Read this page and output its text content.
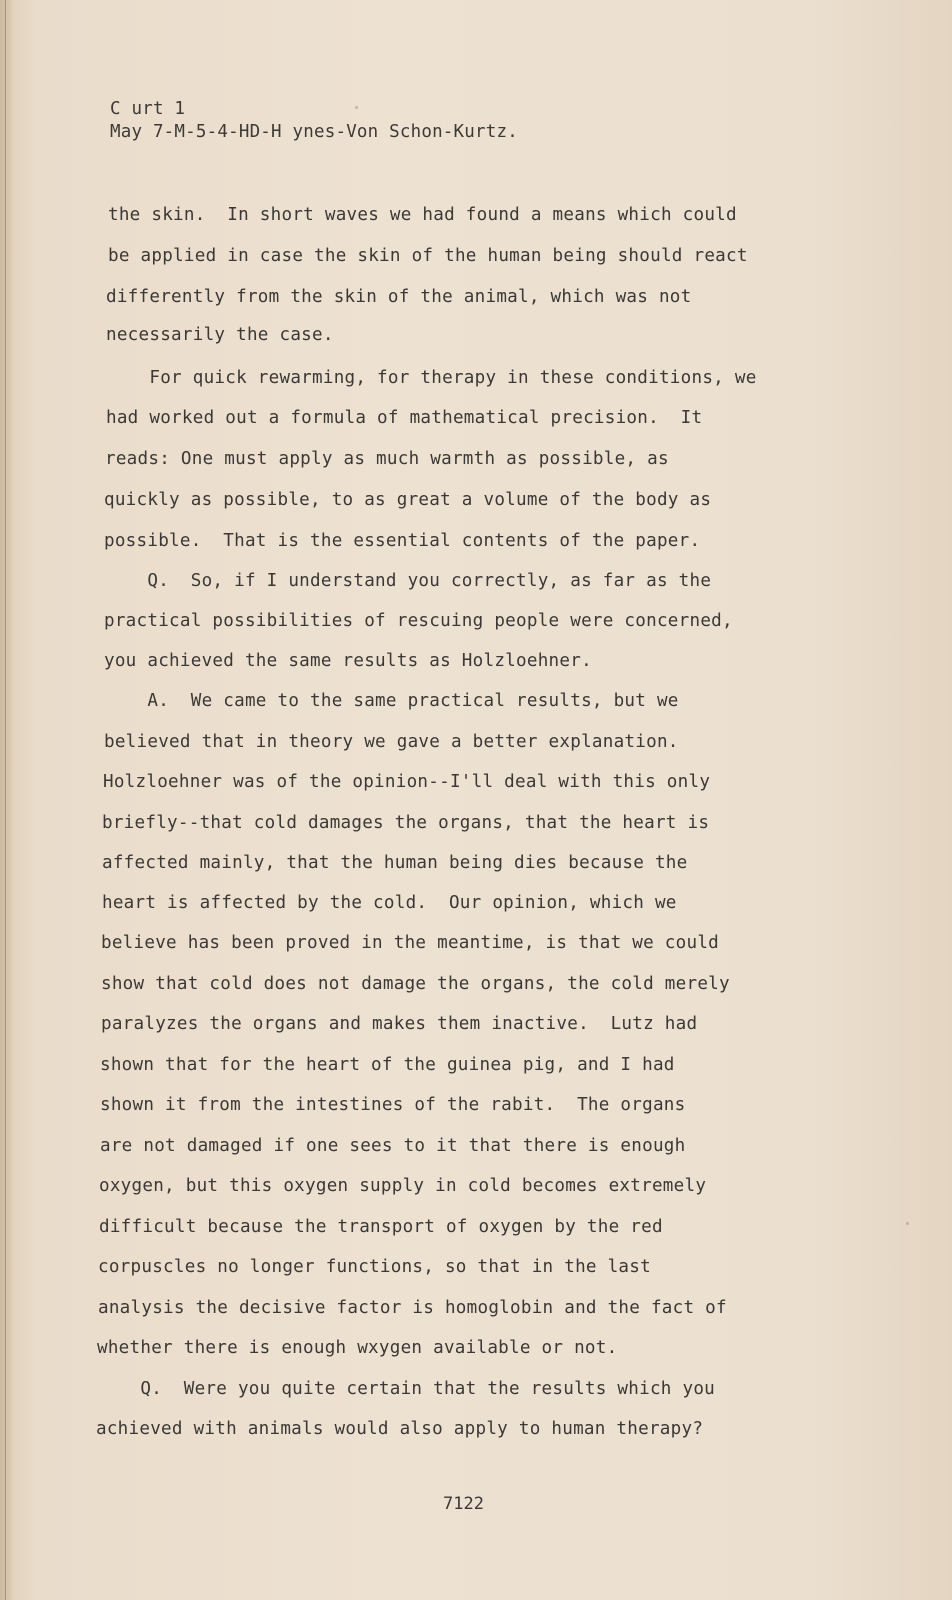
C urt 1
May 7-M-5-4-HD-H ynes-Von Schon-Kurtz.
the skin.  In short waves we had found a means which could
be applied in case the skin of the human being should react
differently from the skin of the animal, which was not
necessarily the case.
For quick rewarming, for therapy in these conditions, we
had worked out a formula of mathematical precision.  It
reads: One must apply as much warmth as possible, as
quickly as possible, to as great a volume of the body as
possible.  That is the essential contents of the paper.
Q.  So, if I understand you correctly, as far as the
practical possibilities of rescuing people were concerned,
you achieved the same results as Holzloehner.
A.  We came to the same practical results, but we
believed that in theory we gave a better explanation.
Holzloehner was of the opinion--I'll deal with this only
briefly--that cold damages the organs, that the heart is
affected mainly, that the human being dies because the
heart is affected by the cold.  Our opinion, which we
believe has been proved in the meantime, is that we could
show that cold does not damage the organs, the cold merely
paralyzes the organs and makes them inactive.  Lutz had
shown that for the heart of the guinea pig, and I had
shown it from the intestines of the rabit.  The organs
are not damaged if one sees to it that there is enough
oxygen, but this oxygen supply in cold becomes extremely
difficult because the transport of oxygen by the red
corpuscles no longer functions, so that in the last
analysis the decisive factor is homoglobin and the fact of
whether there is enough wxygen available or not.
Q.  Were you quite certain that the results which you
achieved with animals would also apply to human therapy?
7122
